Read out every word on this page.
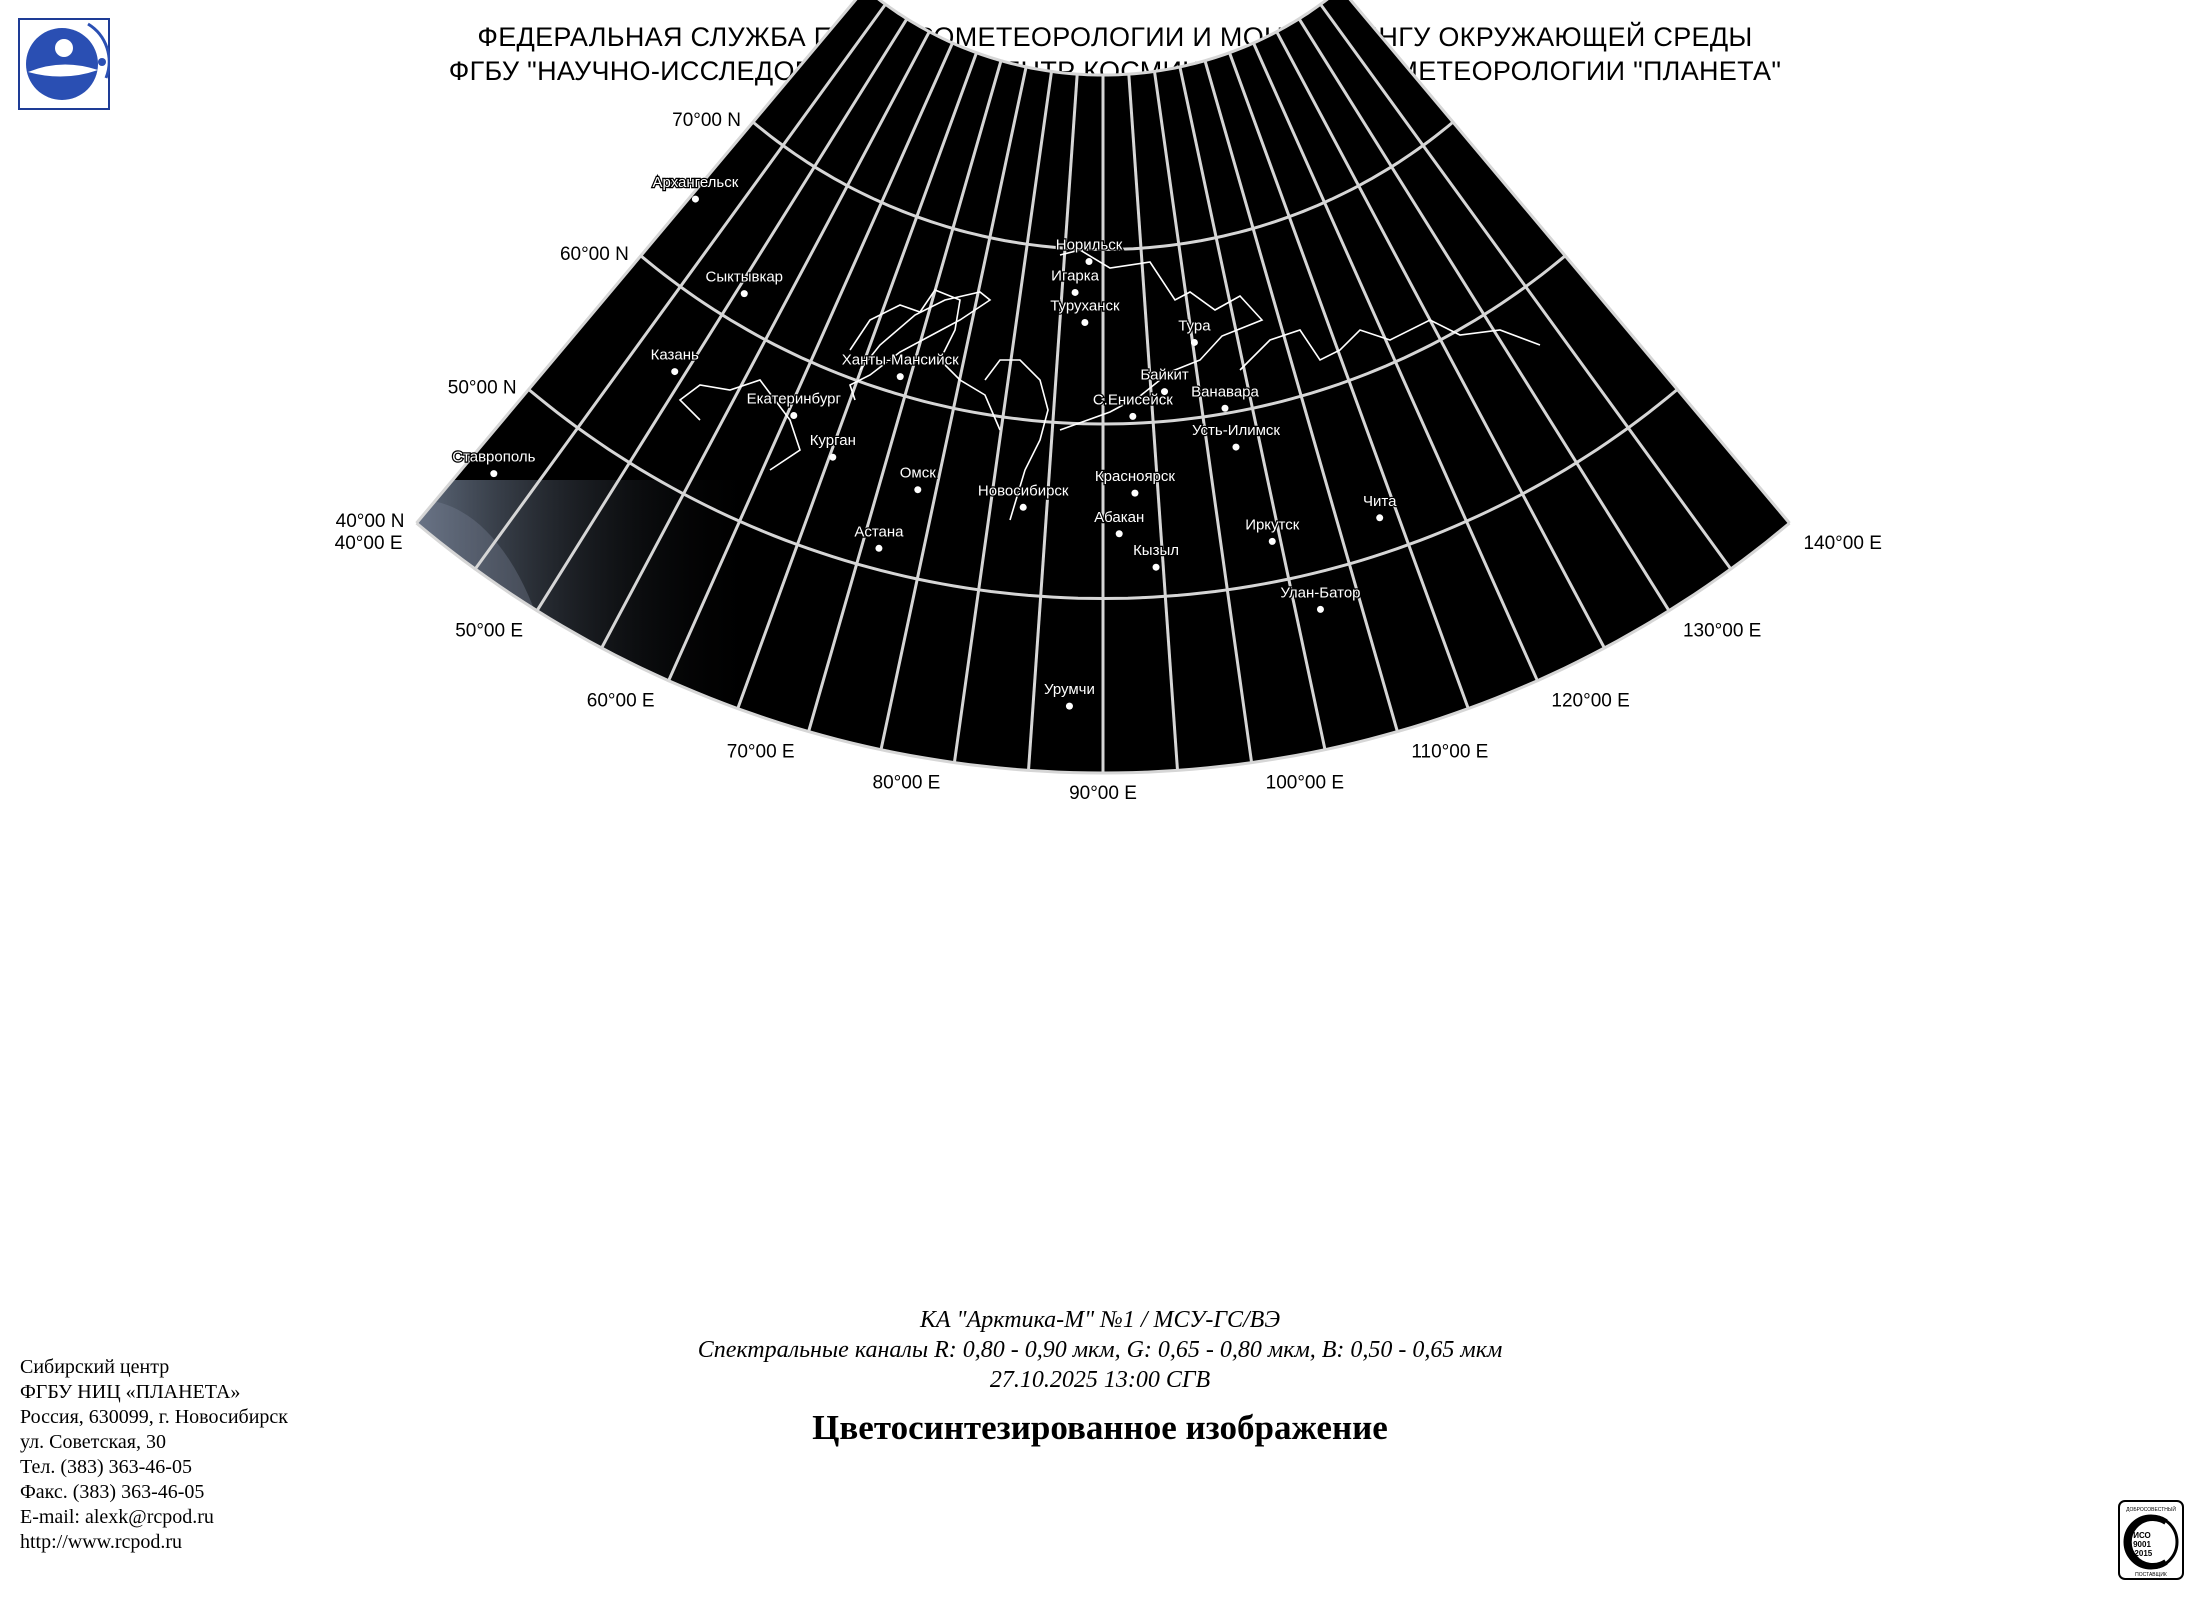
ФЕДЕРАЛЬНАЯ СЛУЖБА ПО ГИДРОМЕТЕОРОЛОГИИ И МОНИТОРИНГУ ОКРУЖАЮЩЕЙ СРЕДЫ
ФГБУ "НАУЧНО-ИССЛЕДОВАТЕЛЬСКИЙ ЦЕНТР КОСМИЧЕСКОЙ ГИДРОМЕТЕОРОЛОГИИ "ПЛАНЕТА"
70°00 N
60°00 N
50°00 N
40°00 N
40°00 E
50°00 E
60°00 E
70°00 E
80°00 E	90°00 E	100°00 E
110°00 E
120°00 E
130°00 E
140°00 E
Архангельск
Сыктывкар
Казань
Ставрополь
Екатеринбург
Ханты-Мансийск
Курган
Омск
Астана
Новосибирск
Норильск
Игарка
Туруханск
Тура
Байкит
С.Енисейск Ванавара
Усть-Илимск
Красноярск
Абакан
Кызыл
Иркутск
Чита
Улан-Батор
Урумчи
КА "Арктика-М" №1 / МСУ-ГС/ВЭ
Спектральные каналы R: 0,80 - 0,90 мкм, G: 0,65 - 0,80 мкм, B: 0,50 - 0,65 мкм
27.10.2025 13:00 СГВ
Цветосинтезированное изображение
Сибирский центр
ФГБУ НИЦ «ПЛАНЕТА»
Россия, 630099, г. Новосибирск
ул. Советская, 30
Тел. (383) 363-46-05
Факс. (383) 363-46-05
E-mail: alexk@rcpod.ru
http://www.rcpod.ru
ДОБРОСОВЕСТНЫЙ
ИСО
9001
-2015
ПОСТАВЩИК
